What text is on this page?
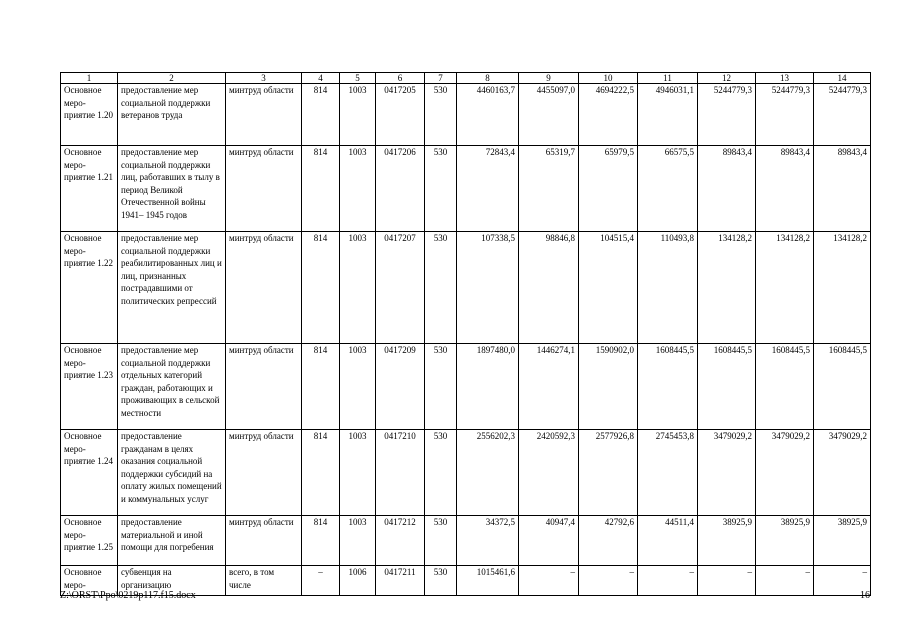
1	2	3	4	5	6	7	8	9	10	11	12	13	14
Основное меро-приятие 1.20	предоставление мер социальной поддержки ветеранов труда	минтруд области	814	1003	0417205	530	4460163,7	4455097,0	4694222,5	4946031,1	5244779,3	5244779,3	5244779,3
Основное меро-приятие 1.21	предоставление мер социальной поддержки лиц, работавших в тылу в период Великой Отечественной войны 1941– 1945 годов	минтруд области	814	1003	0417206	530	72843,4	65319,7	65979,5	66575,5	89843,4	89843,4	89843,4
Основное меро-приятие 1.22	предоставление мер социальной поддержки реабилитированных лиц и лиц, признанных пострадавшими от политических репрессий	минтруд области	814	1003	0417207	530	107338,5	98846,8	104515,4	110493,8	134128,2	134128,2	134128,2
Основное меро-приятие 1.23	предоставление мер социальной поддержки отдельных категорий граждан, работающих и проживающих в сельской местности	минтруд области	814	1003	0417209	530	1897480,0	1446274,1	1590902,0	1608445,5	1608445,5	1608445,5	1608445,5
Основное меро-приятие 1.24	предоставление гражданам в целях оказания социальной поддержки субсидий на оплату жилых помещений и коммунальных услуг	минтруд области	814	1003	0417210	530	2556202,3	2420592,3	2577926,8	2745453,8	3479029,2	3479029,2	3479029,2
Основное меро-приятие 1.25	предоставление материальной и иной помощи для погребения	минтруд области	814	1003	0417212	530	34372,5	40947,4	42792,6	44511,4	38925,9	38925,9	38925,9
Основное меро-	субвенция на организацию	всего, в том числе	–	1006	0417211	530	1015461,6	–	–	–	–	–	–
Z:\ORST\Ppo\0219p117.f15.docx	16
